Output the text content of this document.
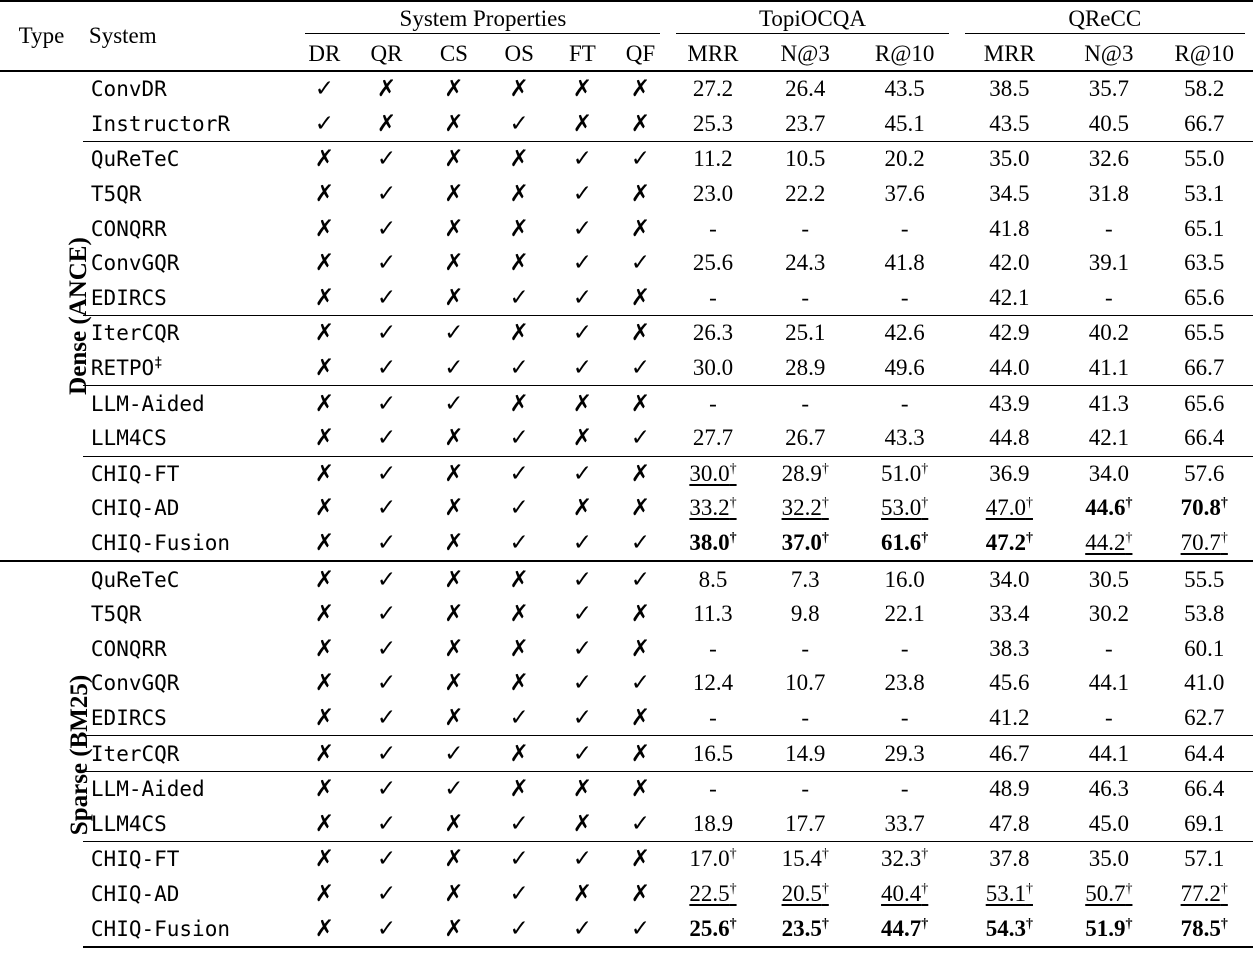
Type	System	System Properties						TopiOCQA			QReCC		

		DR	QR	CS	OS	FT	QF	MRR	N@3	R@10	MRR	N@3	R@10
Dense (ANCE)	ConvDR	✓	✗	✗	✗	✗	✗	27.2	26.4	43.5	38.5	35.7	58.2
	InstructorR	✓	✗	✗	✓	✗	✗	25.3	23.7	45.1	43.5	40.5	66.7
	QuReTeC	✗	✓	✗	✗	✓	✓	11.2	10.5	20.2	35.0	32.6	55.0
	T5QR	✗	✓	✗	✗	✓	✗	23.0	22.2	37.6	34.5	31.8	53.1
	CONQRR	✗	✓	✗	✗	✓	✗	-	-	-	41.8	-	65.1
	ConvGQR	✗	✓	✗	✗	✓	✓	25.6	24.3	41.8	42.0	39.1	63.5
	EDIRCS	✗	✓	✗	✓	✓	✗	-	-	-	42.1	-	65.6
	IterCQR	✗	✓	✓	✗	✓	✗	26.3	25.1	42.6	42.9	40.2	65.5
	RETPO‡	✗	✓	✓	✓	✓	✓	30.0	28.9	49.6	44.0	41.1	66.7
	LLM-Aided	✗	✓	✓	✗	✗	✗	-	-	-	43.9	41.3	65.6
	LLM4CS	✗	✓	✗	✓	✗	✓	27.7	26.7	43.3	44.8	42.1	66.4
	CHIQ-FT	✗	✓	✗	✓	✓	✗	30.0†	28.9†	51.0†	36.9	34.0	57.6
	CHIQ-AD	✗	✓	✗	✓	✗	✗	33.2†	32.2†	53.0†	47.0†	44.6†	70.8†
	CHIQ-Fusion	✗	✓	✗	✓	✓	✓	38.0†	37.0†	61.6†	47.2†	44.2†	70.7†
Sparse (BM25)	QuReTeC	✗	✓	✗	✗	✓	✓	8.5	7.3	16.0	34.0	30.5	55.5
	T5QR	✗	✓	✗	✗	✓	✗	11.3	9.8	22.1	33.4	30.2	53.8
	CONQRR	✗	✓	✗	✗	✓	✗	-	-	-	38.3	-	60.1
	ConvGQR	✗	✓	✗	✗	✓	✓	12.4	10.7	23.8	45.6	44.1	41.0
	EDIRCS	✗	✓	✗	✓	✓	✗	-	-	-	41.2	-	62.7
	IterCQR	✗	✓	✓	✗	✓	✗	16.5	14.9	29.3	46.7	44.1	64.4
	LLM-Aided	✗	✓	✓	✗	✗	✗	-	-	-	48.9	46.3	66.4
	LLM4CS	✗	✓	✗	✓	✗	✓	18.9	17.7	33.7	47.8	45.0	69.1
	CHIQ-FT	✗	✓	✗	✓	✓	✗	17.0†	15.4†	32.3†	37.8	35.0	57.1
	CHIQ-AD	✗	✓	✗	✓	✗	✗	22.5†	20.5†	40.4†	53.1†	50.7†	77.2†
	CHIQ-Fusion	✗	✓	✗	✓	✓	✓	25.6†	23.5†	44.7†	54.3†	51.9†	78.5†
